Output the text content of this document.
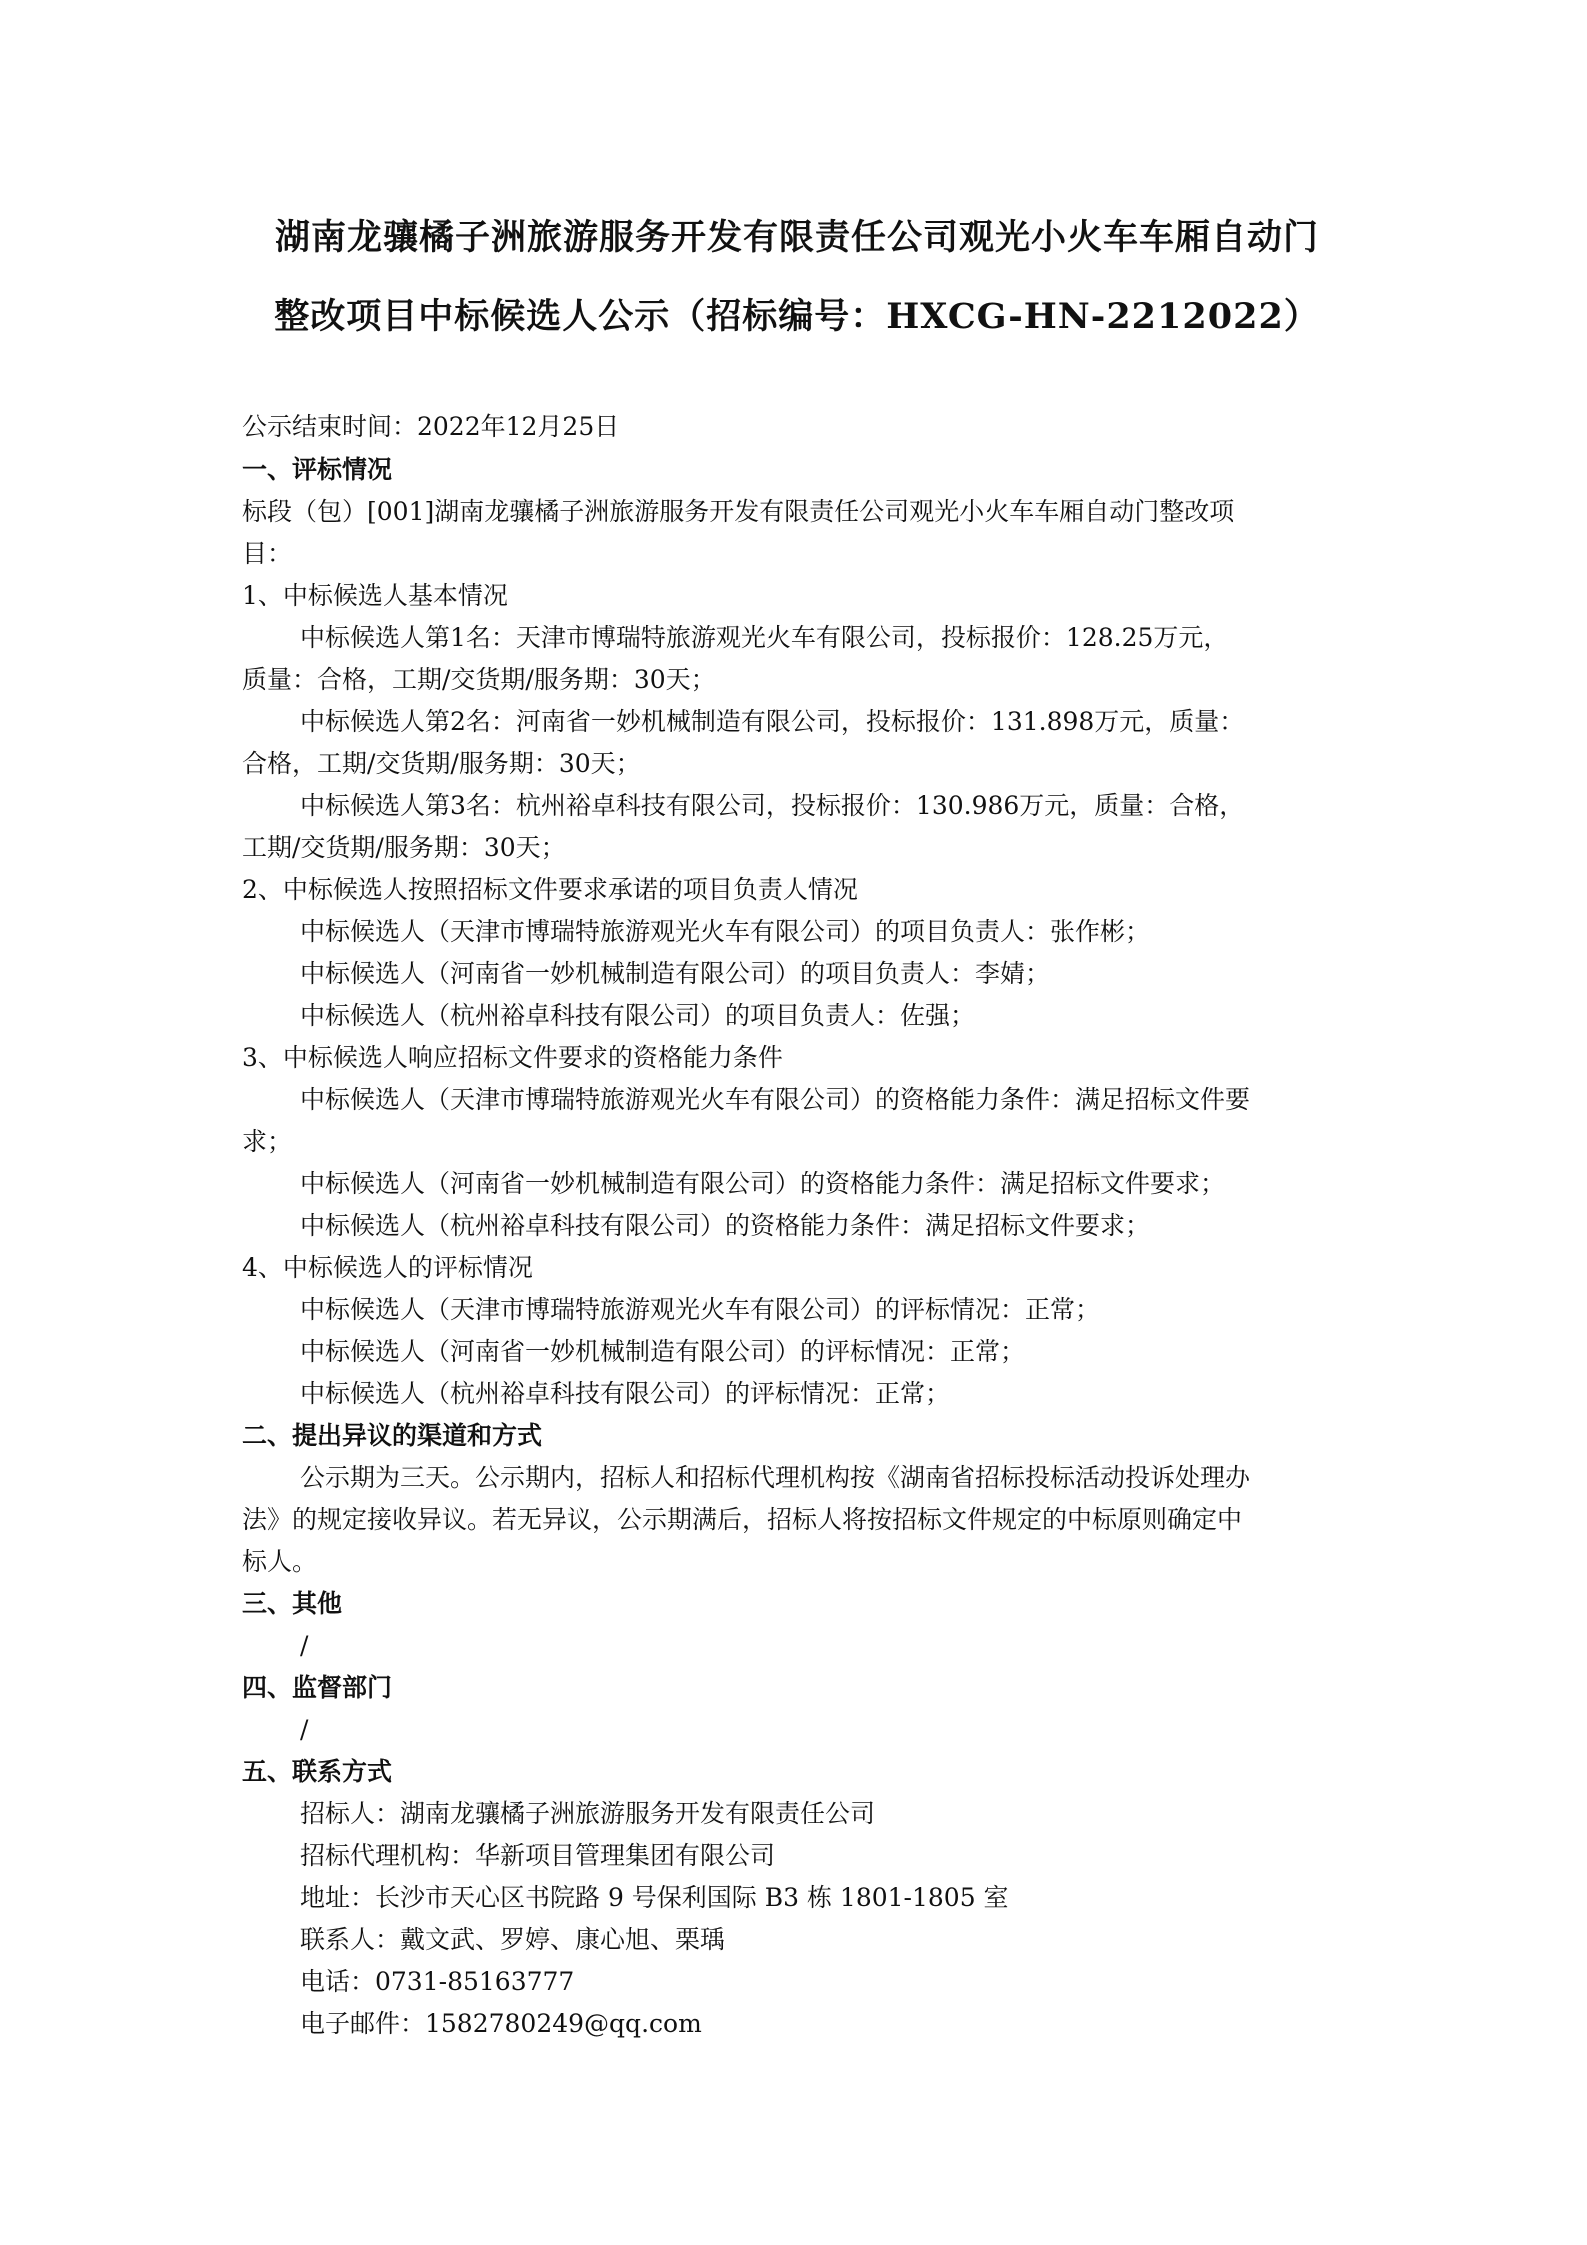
湖南龙骧橘子洲旅游服务开发有限责任公司观光小火车车厢自动门
整改项目中标候选人公示（招标编号：HXCG-HN-2212022）
公示结束时间：2022年12月25日
一、评标情况
标段（包）[001]湖南龙骧橘子洲旅游服务开发有限责任公司观光小火车车厢自动门整改项
目：
1、中标候选人基本情况
中标候选人第1名：天津市博瑞特旅游观光火车有限公司，投标报价：128.25万元，
质量：合格，工期/交货期/服务期：30天；
中标候选人第2名：河南省一妙机械制造有限公司，投标报价：131.898万元，质量：
合格，工期/交货期/服务期：30天；
中标候选人第3名：杭州裕卓科技有限公司，投标报价：130.986万元，质量：合格，
工期/交货期/服务期：30天；
2、中标候选人按照招标文件要求承诺的项目负责人情况
中标候选人（天津市博瑞特旅游观光火车有限公司）的项目负责人：张作彬；
中标候选人（河南省一妙机械制造有限公司）的项目负责人：李婧；
中标候选人（杭州裕卓科技有限公司）的项目负责人：佐强；
3、中标候选人响应招标文件要求的资格能力条件
中标候选人（天津市博瑞特旅游观光火车有限公司）的资格能力条件：满足招标文件要
求；
中标候选人（河南省一妙机械制造有限公司）的资格能力条件：满足招标文件要求；
中标候选人（杭州裕卓科技有限公司）的资格能力条件：满足招标文件要求；
4、中标候选人的评标情况
中标候选人（天津市博瑞特旅游观光火车有限公司）的评标情况：正常；
中标候选人（河南省一妙机械制造有限公司）的评标情况：正常；
中标候选人（杭州裕卓科技有限公司）的评标情况：正常；
二、提出异议的渠道和方式
公示期为三天。公示期内，招标人和招标代理机构按《湖南省招标投标活动投诉处理办
法》的规定接收异议。若无异议，公示期满后，招标人将按招标文件规定的中标原则确定中
标人。
三、其他
/
四、监督部门
/
五、联系方式
招标人：湖南龙骧橘子洲旅游服务开发有限责任公司
招标代理机构：华新项目管理集团有限公司
地址：长沙市天心区书院路 9 号保利国际 B3 栋 1801-1805 室
联系人：戴文武、罗婷、康心旭、栗瑀
电话：0731-85163777
电子邮件：1582780249@qq.com
